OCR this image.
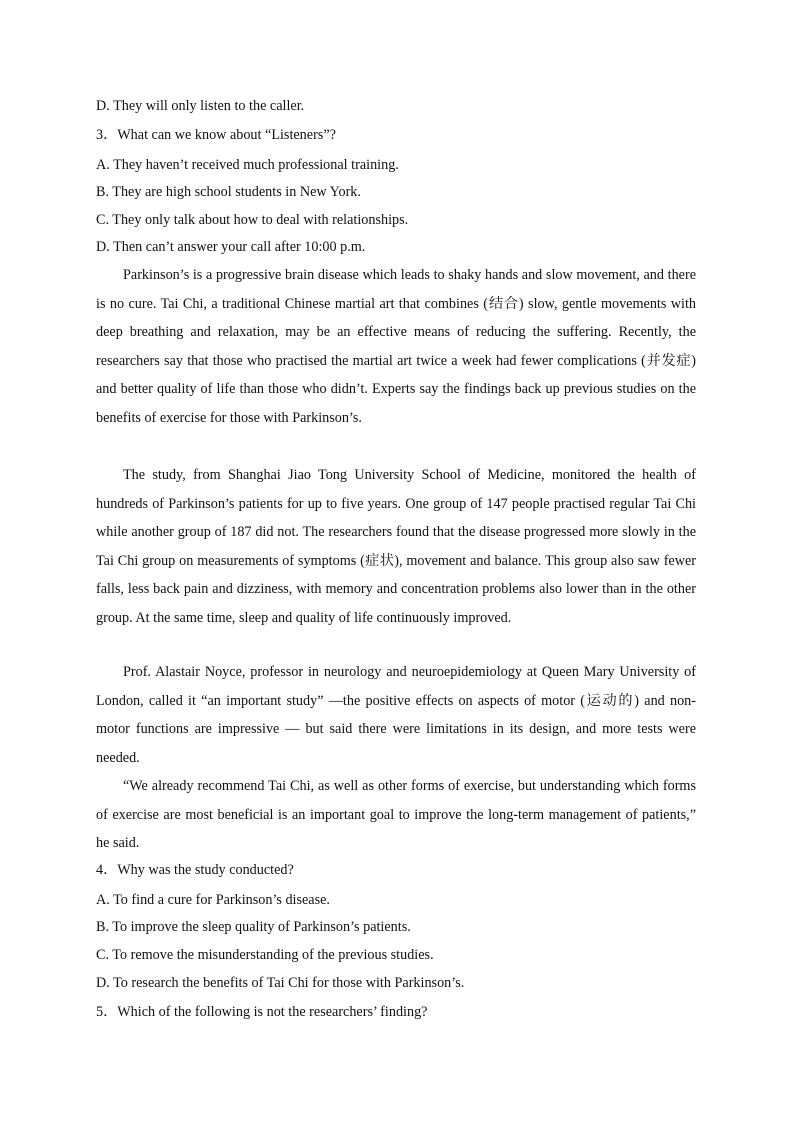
D. They will only listen to the caller.
3．What can we know about “Listeners”?
A. They haven’t received much professional training.
B. They are high school students in New York.
C. They only talk about how to deal with relationships.
D. Then can’t answer your call after 10:00 p.m.

Parkinson’s is a progressive brain disease which leads to shaky hands and slow movement, and there is no cure. Tai Chi, a traditional Chinese martial art that combines (结合) slow, gentle movements with deep breathing and relaxation, may be an effective means of reducing the suffering. Recently, the researchers say that those who practised the martial art twice a week had fewer complications (并发症) and better quality of life than those who didn’t. Experts say the findings back up previous studies on the benefits of exercise for those with Parkinson’s.

The study, from Shanghai Jiao Tong University School of Medicine, monitored the health of hundreds of Parkinson’s patients for up to five years. One group of 147 people practised regular Tai Chi while another group of 187 did not. The researchers found that the disease progressed more slowly in the Tai Chi group on measurements of symptoms (症状), movement and balance. This group also saw fewer falls, less back pain and dizziness, with memory and concentration problems also lower than in the other group. At the same time, sleep and quality of life continuously improved.

Prof. Alastair Noyce, professor in neurology and neuroepidemiology at Queen Mary University of London, called it “an important study” —the positive effects on aspects of motor (运动的) and non-motor functions are impressive — but said there were limitations in its design, and more tests were needed.

“We already recommend Tai Chi, as well as other forms of exercise, but understanding which forms of exercise are most beneficial is an important goal to improve the long-term management of patients,” he said.

4．Why was the study conducted?
A. To find a cure for Parkinson’s disease.
B. To improve the sleep quality of Parkinson’s patients.
C. To remove the misunderstanding of the previous studies.
D. To research the benefits of Tai Chi for those with Parkinson’s.
5．Which of the following is not the researchers’ finding?
